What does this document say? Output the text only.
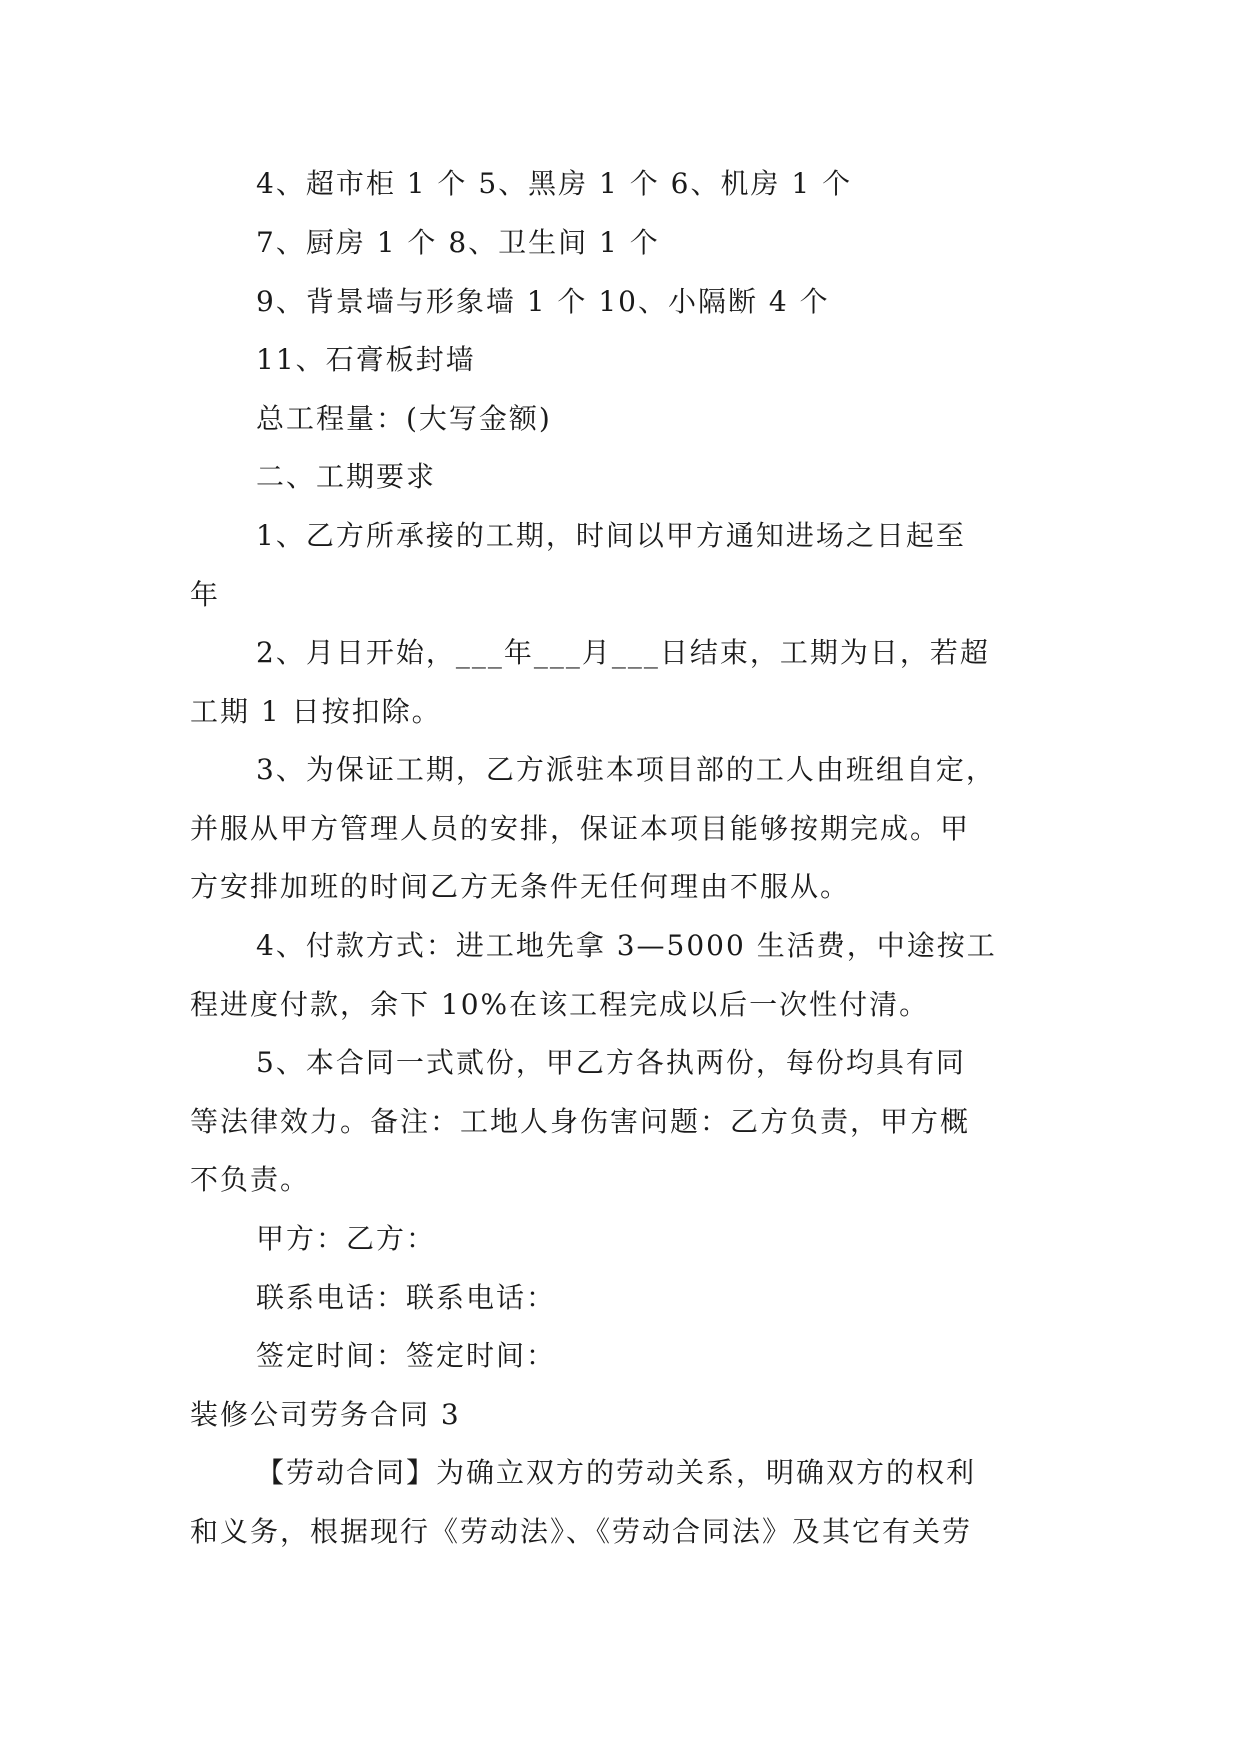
4、超市柜 1 个 5、黑房 1 个 6、机房 1 个

7、厨房 1 个 8、卫生间 1 个

9、背景墙与形象墙 1 个 10、小隔断 4 个

11、石膏板封墙

总工程量：(大写金额)

二、工期要求

1、乙方所承接的工期，时间以甲方通知进场之日起至

年

2、月日开始，___年___月___日结束，工期为日，若超

工期 1 日按扣除。

3、为保证工期，乙方派驻本项目部的工人由班组自定，

并服从甲方管理人员的安排，保证本项目能够按期完成。甲

方安排加班的时间乙方无条件无任何理由不服从。

4、付款方式：进工地先拿 3—5000 生活费，中途按工

程进度付款，余下 10%在该工程完成以后一次性付清。

5、本合同一式贰份，甲乙方各执两份，每份均具有同

等法律效力。备注：工地人身伤害问题：乙方负责，甲方概

不负责。

甲方：乙方：

联系电话：联系电话：

签定时间：签定时间：

装修公司劳务合同 3

【劳动合同】为确立双方的劳动关系，明确双方的权利

和义务，根据现行《劳动法》、《劳动合同法》及其它有关劳
